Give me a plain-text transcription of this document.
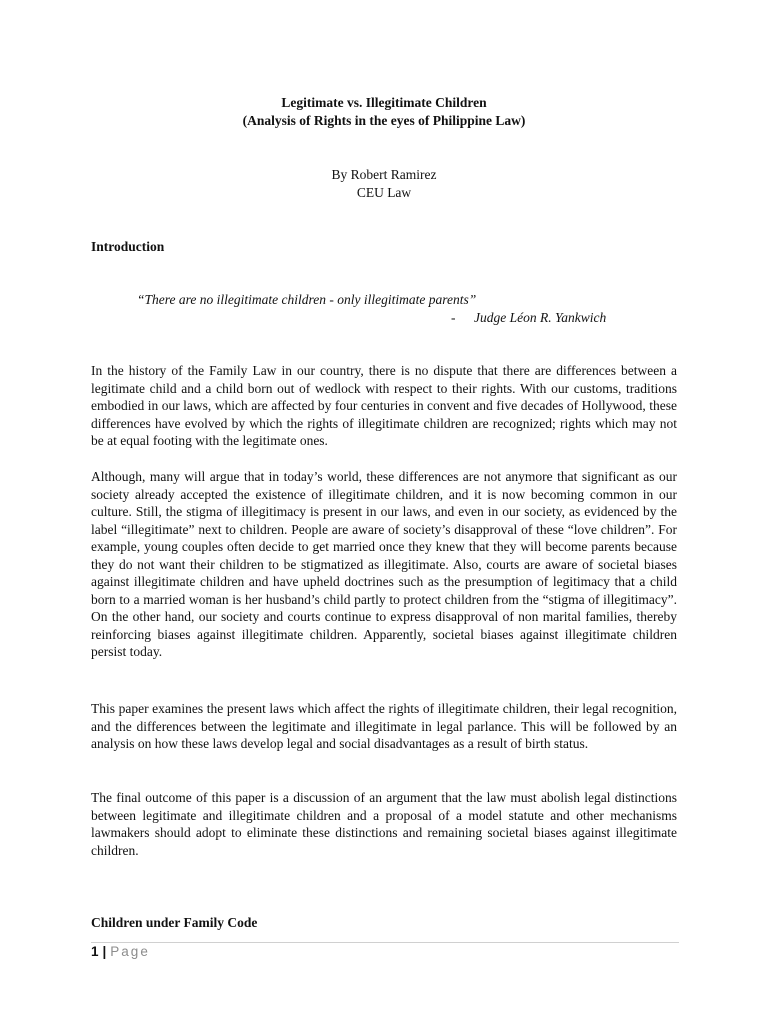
Legitimate vs. Illegitimate Children
(Analysis of Rights in the eyes of Philippine Law)
By Robert Ramirez
CEU Law
Introduction
“There are no illegitimate children - only illegitimate parents”
- Judge Léon R. Yankwich

In the history of the Family Law in our country, there is no dispute that there are differences between a legitimate child and a child born out of wedlock with respect to their rights. With our customs, traditions embodied in our laws, which are affected by four centuries in convent and five decades of Hollywood, these differences have evolved by which the rights of illegitimate children are recognized; rights which may not be at equal footing with the legitimate ones.

Although, many will argue that in today’s world, these differences are not anymore that significant as our society already accepted the existence of illegitimate children, and it is now becoming common in our culture. Still, the stigma of illegitimacy is present in our laws, and even in our society, as evidenced by the label “illegitimate” next to children. People are aware of society’s disapproval of these “love children”. For example, young couples often decide to get married once they knew that they will become parents because they do not want their children to be stigmatized as illegitimate. Also, courts are aware of societal biases against illegitimate children and have upheld doctrines such as the presumption of legitimacy that a child born to a married woman is her husband’s child partly to protect children from the “stigma of illegitimacy”. On the other hand, our society and courts continue to express disapproval of non marital families, thereby reinforcing biases against illegitimate children. Apparently, societal biases against illegitimate children persist today.

This paper examines the present laws which affect the rights of illegitimate children, their legal recognition, and the differences between the legitimate and illegitimate in legal parlance. This will be followed by an analysis on how these laws develop legal and social disadvantages as a result of birth status.

The final outcome of this paper is a discussion of an argument that the law must abolish legal distinctions between legitimate and illegitimate children and a proposal of a model statute and other mechanisms lawmakers should adopt to eliminate these distinctions and remaining societal biases against illegitimate children.

Children under Family Code
1 | Page
